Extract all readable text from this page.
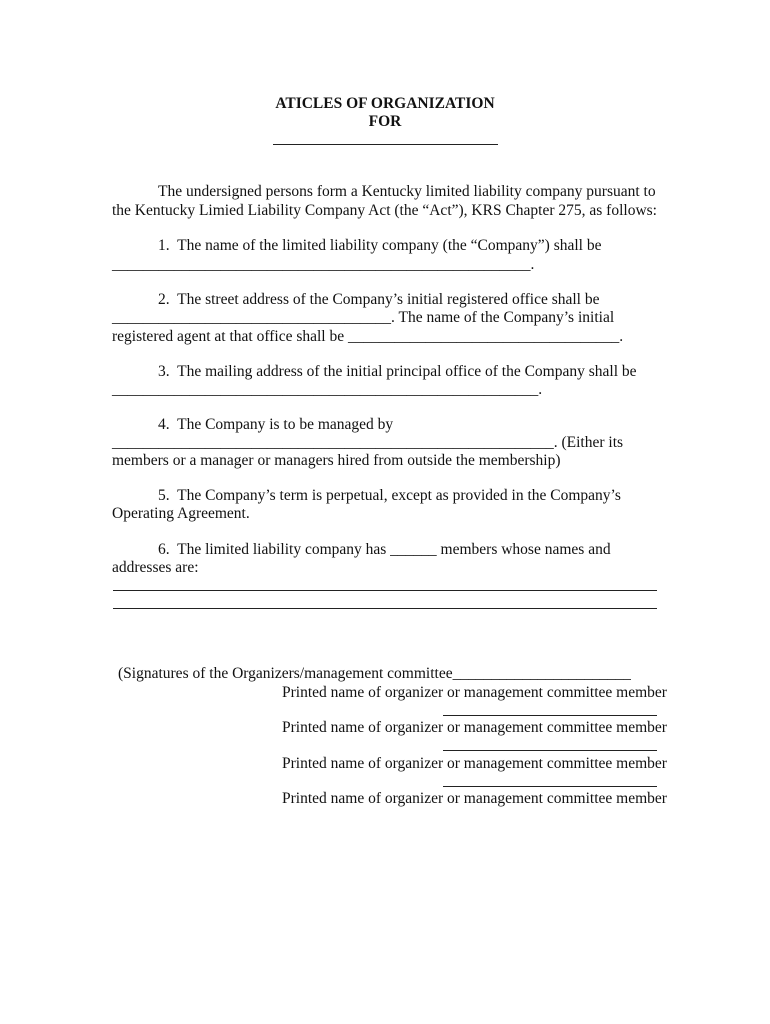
ATICLES OF ORGANIZATION
FOR
The undersigned persons form a Kentucky limited liability company pursuant to
the Kentucky Limied Liability Company Act (the “Act”), KRS Chapter 275, as follows:
1.  The name of the limited liability company (the “Company”) shall be
______________________________________________________.
2.  The street address of the Company’s initial registered office shall be
____________________________________. The name of the Company’s initial
registered agent at that office shall be ___________________________________.
3.  The mailing address of the initial principal office of the Company shall be
_______________________________________________________.
4.  The Company is to be managed by
_________________________________________________________. (Either its
members or a manager or managers hired from outside the membership)
5.  The Company’s term is perpetual, except as provided in the Company’s
Operating Agreement.
6.  The limited liability company has ______ members whose names and
addresses are:
(Signatures of the Organizers/management committee_______________________
Printed name of organizer or management committee member
Printed name of organizer or management committee member
Printed name of organizer or management committee member
Printed name of organizer or management committee member
